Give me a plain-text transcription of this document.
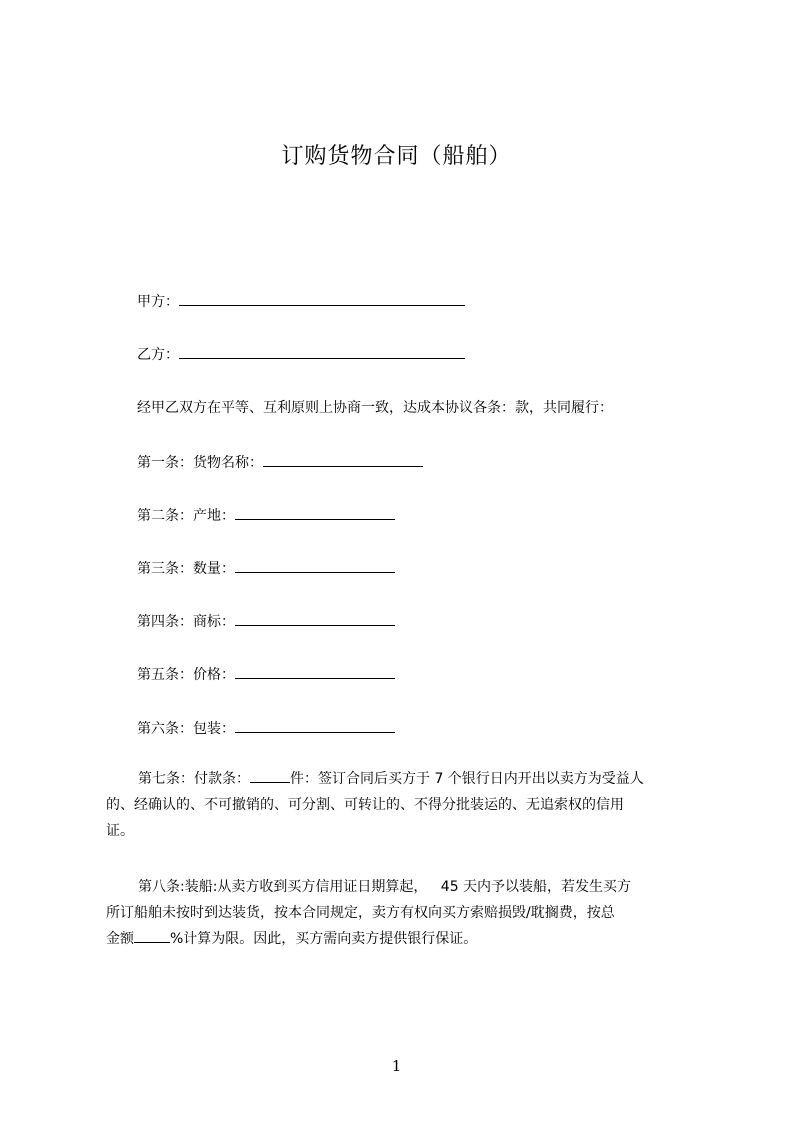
订购货物合同（船舶）
甲方：
乙方：
经甲乙双方在平等、互利原则上协商一致，达成本协议各条：款，共同履行：
第一条：货物名称：
第二条：产地：
第三条：数量：
第四条：商标：
第五条：价格：
第六条：包装：
第七条：付款条：	件：签订合同后买方于 7 个银行日内开出以卖方为受益人
的、经确认的、不可撤销的、可分割、可转让的、不得分批装运的、无追索权的信用
证。
第八条:装船:从卖方收到买方信用证日期算起，   45 天内予以装船，若发生买方
所订船舶未按时到达装货，按本合同规定，卖方有权向买方索赔损毁/耽搁费，按总
金额	%计算为限。因此，买方需向卖方提供银行保证。
1
